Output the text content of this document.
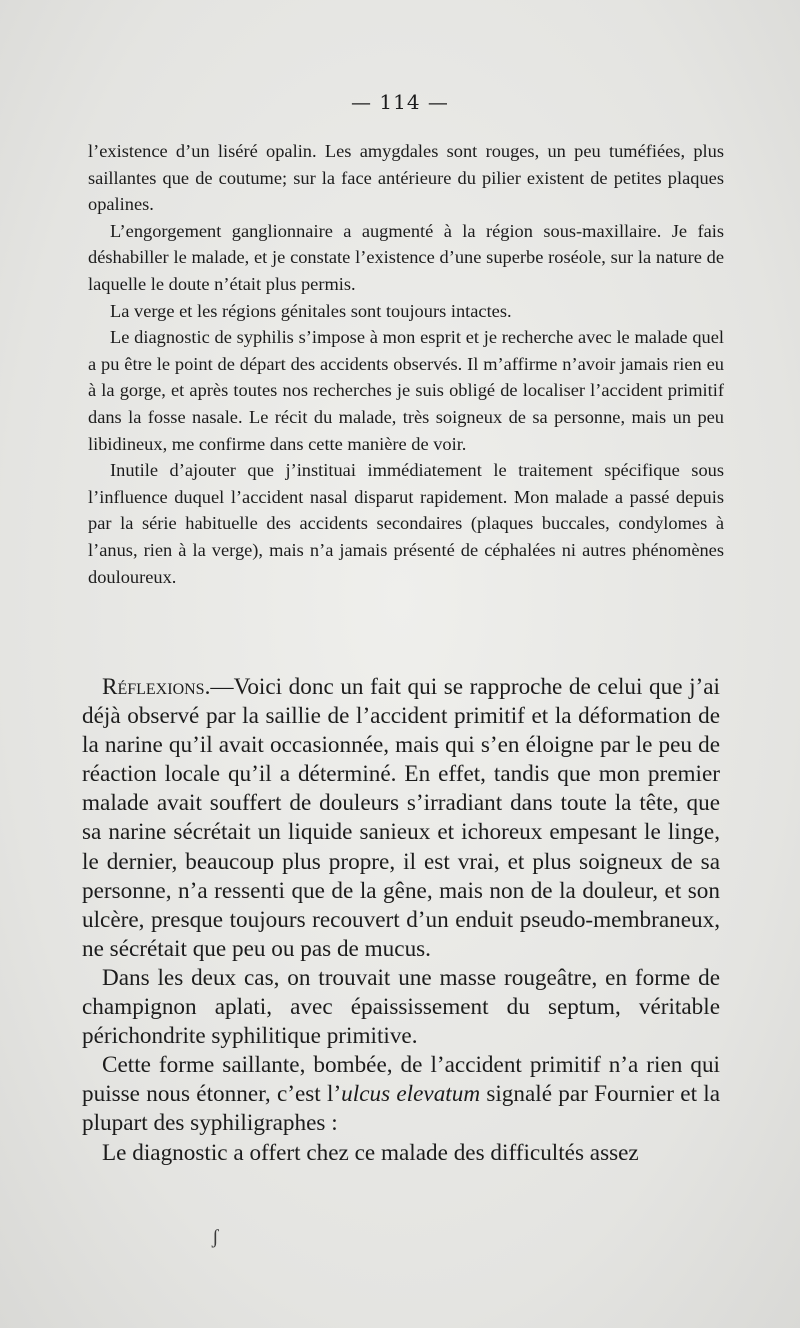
— 114 —

l’existence d’un liséré opalin. Les amygdales sont rouges, un peu tuméfiées, plus saillantes que de coutume; sur la face antérieure du pilier existent de petites plaques opalines.

L’engorgement ganglionnaire a augmenté à la région sous-maxillaire. Je fais déshabiller le malade, et je constate l’existence d’une superbe roséole, sur la nature de laquelle le doute n’était plus permis.

La verge et les régions génitales sont toujours intactes.

Le diagnostic de syphilis s’impose à mon esprit et je recherche avec le malade quel a pu être le point de départ des accidents observés. Il m’affirme n’avoir jamais rien eu à la gorge, et après toutes nos recherches je suis obligé de localiser l’accident primitif dans la fosse nasale. Le récit du malade, très soigneux de sa personne, mais un peu libidineux, me confirme dans cette manière de voir.

Inutile d’ajouter que j’instituai immédiatement le traitement spécifique sous l’influence duquel l’accident nasal disparut rapidement. Mon malade a passé depuis par la série habituelle des accidents secondaires (plaques buccales, condylomes à l’anus, rien à la verge), mais n’a jamais présenté de céphalées ni autres phénomènes douloureux.

Réflexions.—Voici donc un fait qui se rapproche de celui que j’ai déjà observé par la saillie de l’accident primitif et la déformation de la narine qu’il avait occasionnée, mais qui s’en éloigne par le peu de réaction locale qu’il a déterminé. En effet, tandis que mon premier malade avait souffert de douleurs s’irradiant dans toute la tête, que sa narine sécrétait un liquide sanieux et ichoreux empesant le linge, le dernier, beaucoup plus propre, il est vrai, et plus soigneux de sa personne, n’a ressenti que de la gêne, mais non de la douleur, et son ulcère, presque toujours recouvert d’un enduit pseudo-membraneux, ne sécrétait que peu ou pas de mucus.

Dans les deux cas, on trouvait une masse rougeâtre, en forme de champignon aplati, avec épaississement du septum, véritable périchondrite syphilitique primitive.

Cette forme saillante, bombée, de l’accident primitif n’a rien qui puisse nous étonner, c’est l’ulcus elevatum signalé par Fournier et la plupart des syphiligraphes :

Le diagnostic a offert chez ce malade des difficultés assez

ʃ
